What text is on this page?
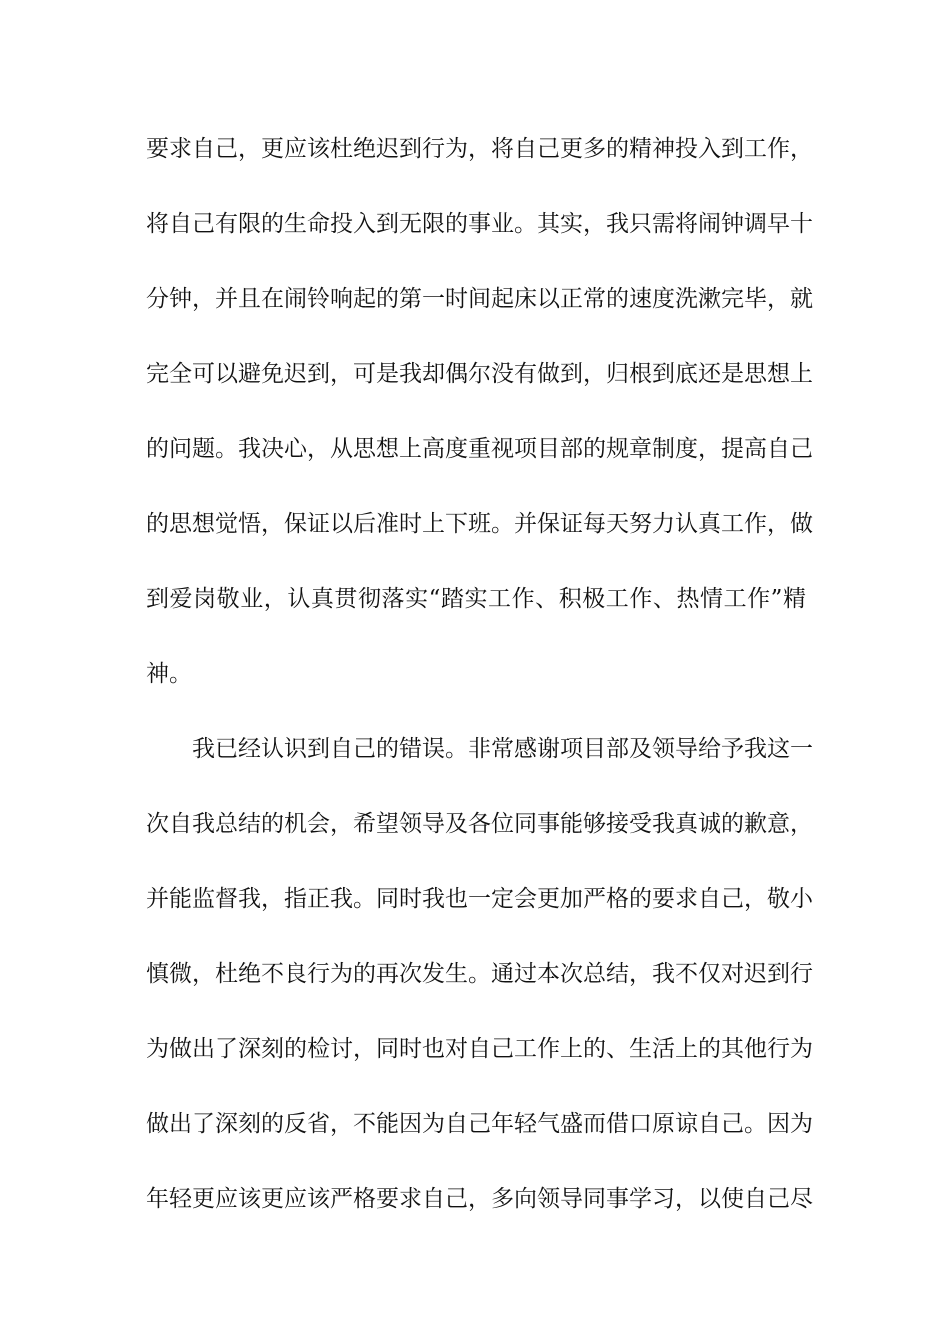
要求自己，更应该杜绝迟到行为，将自己更多的精神投入到工作，
将自己有限的生命投入到无限的事业。其实，我只需将闹钟调早十
分钟，并且在闹铃响起的第一时间起床以正常的速度洗漱完毕，就
完全可以避免迟到，可是我却偶尔没有做到，归根到底还是思想上
的问题。我决心，从思想上高度重视项目部的规章制度，提高自己
的思想觉悟，保证以后准时上下班。并保证每天努力认真工作，做
到爱岗敬业，认真贯彻落实“踏实工作、积极工作、热情工作”精
神。
我已经认识到自己的错误。非常感谢项目部及领导给予我这一
次自我总结的机会，希望领导及各位同事能够接受我真诚的歉意，
并能监督我，指正我。同时我也一定会更加严格的要求自己，敬小
慎微，杜绝不良行为的再次发生。通过本次总结，我不仅对迟到行
为做出了深刻的检讨，同时也对自己工作上的、生活上的其他行为
做出了深刻的反省，不能因为自己年轻气盛而借口原谅自己。因为
年轻更应该更应该严格要求自己，多向领导同事学习，以使自己尽
